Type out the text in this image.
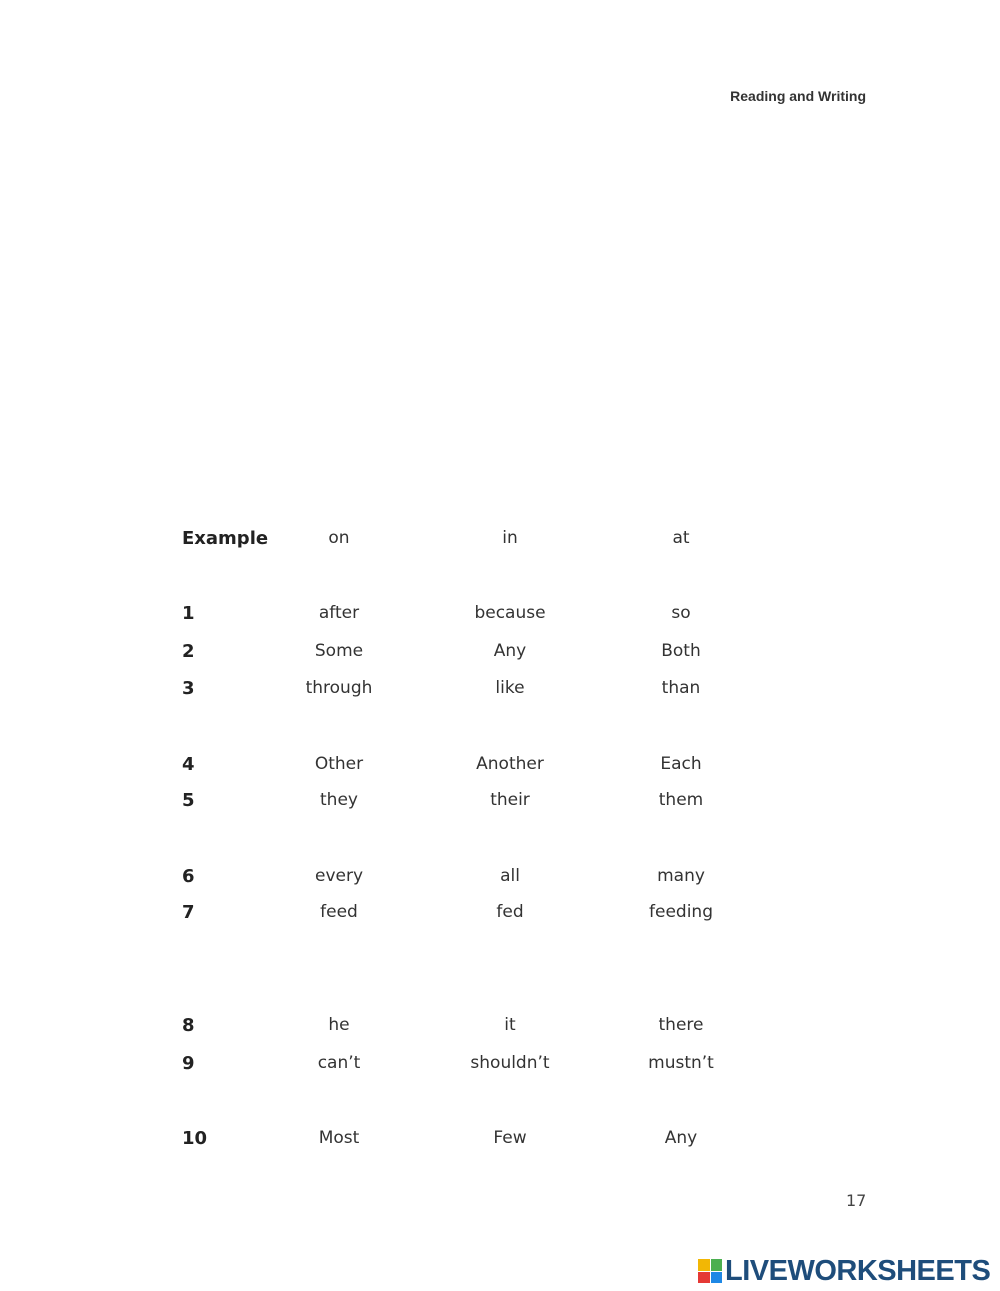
Reading and Writing
Example	on	in	at
1	after	because	so
2	Some	Any	Both
3	through	like	than
4	Other	Another	Each
5	they	their	them
6	every	all	many
7	feed	fed	feeding
8	he	it	there
9	can’t	shouldn’t	mustn’t
10	Most	Few	Any
17
LIVEWORKSHEETS
